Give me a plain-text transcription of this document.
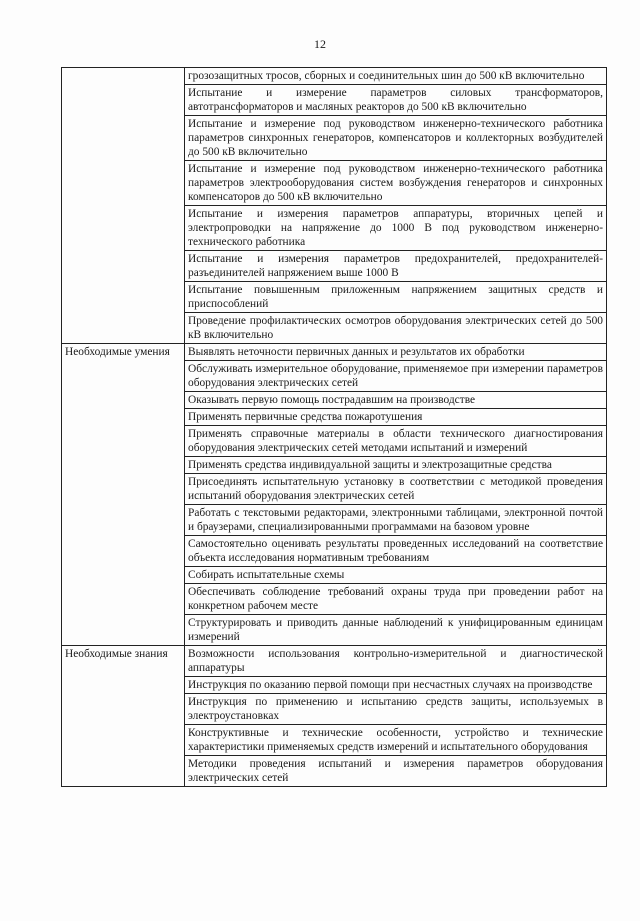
12
	грозозащитных тросов, сборных и соединительных шин до 500 кВ включительно
	Испытание и измерение параметров силовых трансформаторов, автотрансформаторов и масляных реакторов до 500 кВ включительно
	Испытание и измерение под руководством инженерно-технического работника параметров синхронных генераторов, компенсаторов и коллекторных возбудителей до 500 кВ включительно
	Испытание и измерение под руководством инженерно-технического работника параметров электрооборудования систем возбуждения генераторов и синхронных компенсаторов до 500 кВ включительно
	Испытание и измерения параметров аппаратуры, вторичных цепей и электропроводки на напряжение до 1000 В под руководством инженерно-технического работника
	Испытание и измерения параметров предохранителей, предохранителей-разъединителей напряжением выше 1000 В
	Испытание повышенным приложенным напряжением защитных средств и приспособлений
	Проведение профилактических осмотров оборудования электрических сетей до 500 кВ включительно
Необходимые умения	Выявлять неточности первичных данных и результатов их обработки
	Обслуживать измерительное оборудование, применяемое при измерении параметров оборудования электрических сетей
	Оказывать первую помощь пострадавшим на производстве
	Применять первичные средства пожаротушения
	Применять справочные материалы в области технического диагностирования оборудования электрических сетей методами испытаний и измерений
	Применять средства индивидуальной защиты и электрозащитные средства
	Присоединять испытательную установку в соответствии с методикой проведения испытаний оборудования электрических сетей
	Работать с текстовыми редакторами, электронными таблицами, электронной почтой и браузерами, специализированными программами на базовом уровне
	Самостоятельно оценивать результаты проведенных исследований на соответствие объекта исследования нормативным требованиям
	Собирать испытательные схемы
	Обеспечивать соблюдение требований охраны труда при проведении работ на конкретном рабочем месте
	Структурировать и приводить данные наблюдений к унифицированным единицам измерений
Необходимые знания	Возможности использования контрольно-измерительной и диагностической аппаратуры
	Инструкция по оказанию первой помощи при несчастных случаях на производстве
	Инструкция по применению и испытанию средств защиты, используемых в электроустановках
	Конструктивные и технические особенности, устройство и технические характеристики применяемых средств измерений и испытательного оборудования
	Методики проведения испытаний и измерения параметров оборудования электрических сетей
